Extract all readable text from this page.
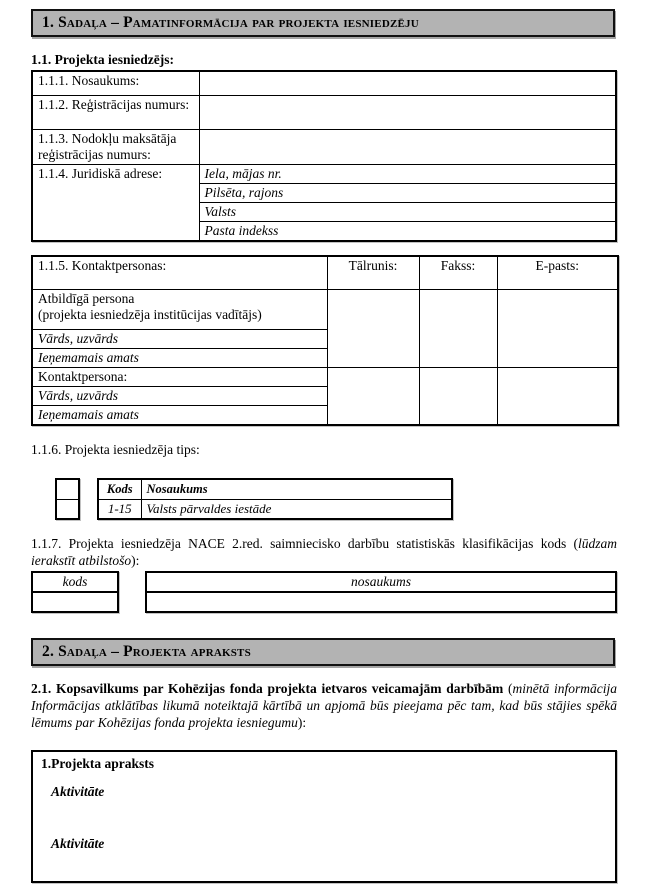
1. Sadaļa – Pamatinformācija par projekta iesniedzēju
1.1. Projekta iesniedzējs:
1.1.1. Nosaukums:	
1.1.2. Reģistrācijas numurs:	
1.1.3. Nodokļu maksātāja reģistrācijas numurs:	
1.1.4. Juridiskā adrese:	Iela, mājas nr.
	Pilsēta, rajons
	Valsts
	Pasta indekss
1.1.5. Kontaktpersonas:	Tālrunis:	Fakss:	E-pasts:

Atbildīgā persona
(projekta iesniedzēja institūcijas vadītājs)			

Vārds, uzvārds			
Ieņemamais amats			
Kontaktpersona:			
Vārds, uzvārds			
Ieņemamais amats			

1.1.6. Projekta iesniedzēja tips:

Kods	Nosaukums
1-15	Valsts pārvaldes iestāde

1.1.7. Projekta iesniedzēja NACE 2.red. saimniecisko darbību statistiskās klasifikācijas kods (lūdzam ierakstīt atbilstošo):

kods	nosaukums

2. Sadaļa – Projekta apraksts

2.1. Kopsavilkums par Kohēzijas fonda projekta ietvaros veicamajām darbībām (minētā informācija Informācijas atklātības likumā noteiktajā kārtībā un apjomā būs pieejama pēc tam, kad būs stājies spēkā lēmums par Kohēzijas fonda projekta iesniegumu):

1.Projekta apraksts
Aktivitāte
Aktivitāte
